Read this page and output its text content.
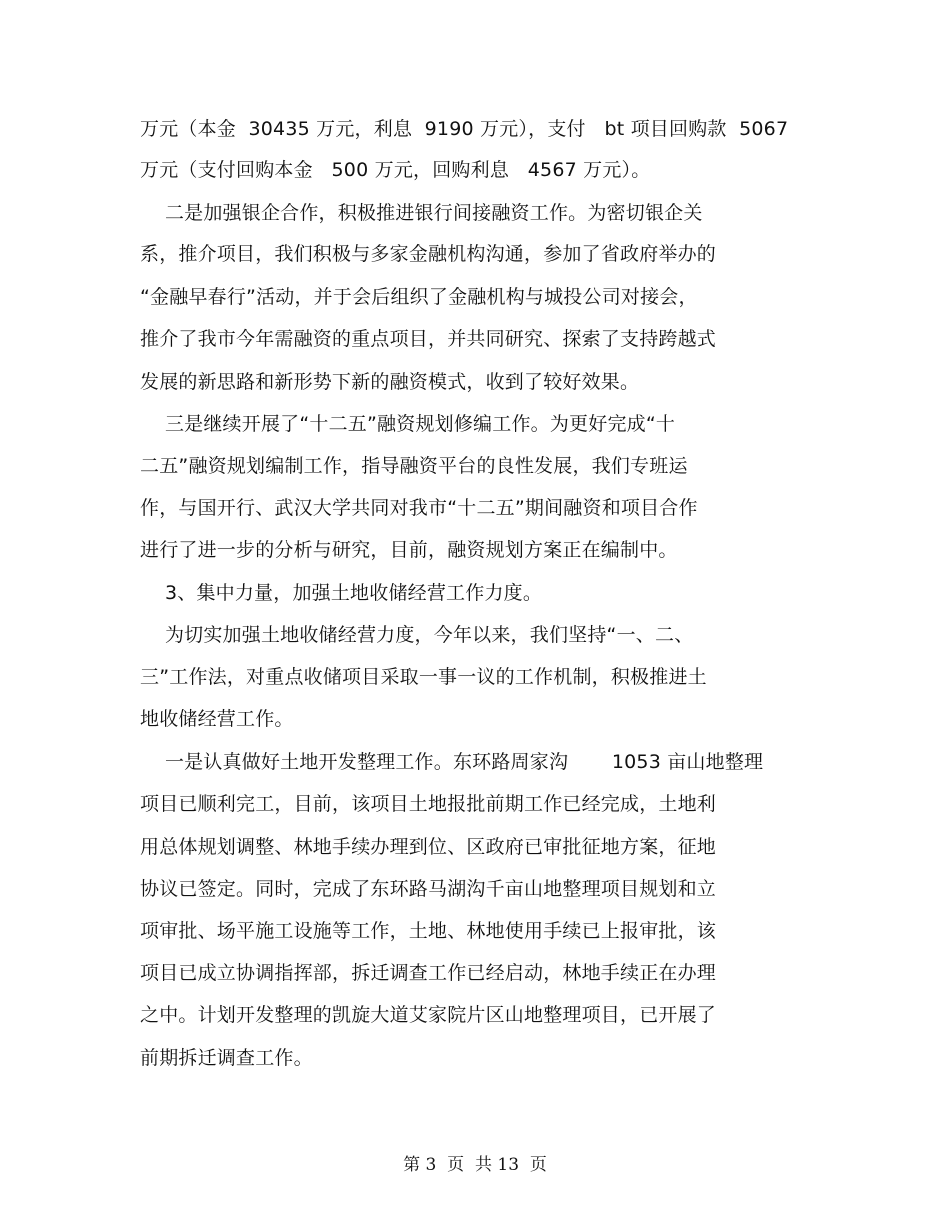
万元（本金  30435 万元，利息  9190 万元），支付   bt 项目回购款  5067
万元（支付回购本金   500 万元，回购利息   4567 万元）。
二是加强银企合作，积极推进银行间接融资工作。为密切银企关
系，推介项目，我们积极与多家金融机构沟通，参加了省政府举办的
“金融早春行”活动，并于会后组织了金融机构与城投公司对接会，
推介了我市今年需融资的重点项目，并共同研究、探索了支持跨越式
发展的新思路和新形势下新的融资模式，收到了较好效果。
三是继续开展了“十二五”融资规划修编工作。为更好完成“十
二五”融资规划编制工作，指导融资平台的良性发展，我们专班运
作，与国开行、武汉大学共同对我市“十二五”期间融资和项目合作
进行了进一步的分析与研究，目前，融资规划方案正在编制中。
3、集中力量，加强土地收储经营工作力度。
为切实加强土地收储经营力度，今年以来，我们坚持“一、二、
三”工作法，对重点收储项目采取一事一议的工作机制，积极推进土
地收储经营工作。
一是认真做好土地开发整理工作。东环路周家沟       1053 亩山地整理
项目已顺利完工，目前，该项目土地报批前期工作已经完成，土地利
用总体规划调整、林地手续办理到位、区政府已审批征地方案，征地
协议已签定。同时，完成了东环路马湖沟千亩山地整理项目规划和立
项审批、场平施工设施等工作，土地、林地使用手续已上报审批，该
项目已成立协调指挥部，拆迁调查工作已经启动，林地手续正在办理
之中。计划开发整理的凯旋大道艾家院片区山地整理项目，已开展了
前期拆迁调查工作。
第 3  页  共 13  页
